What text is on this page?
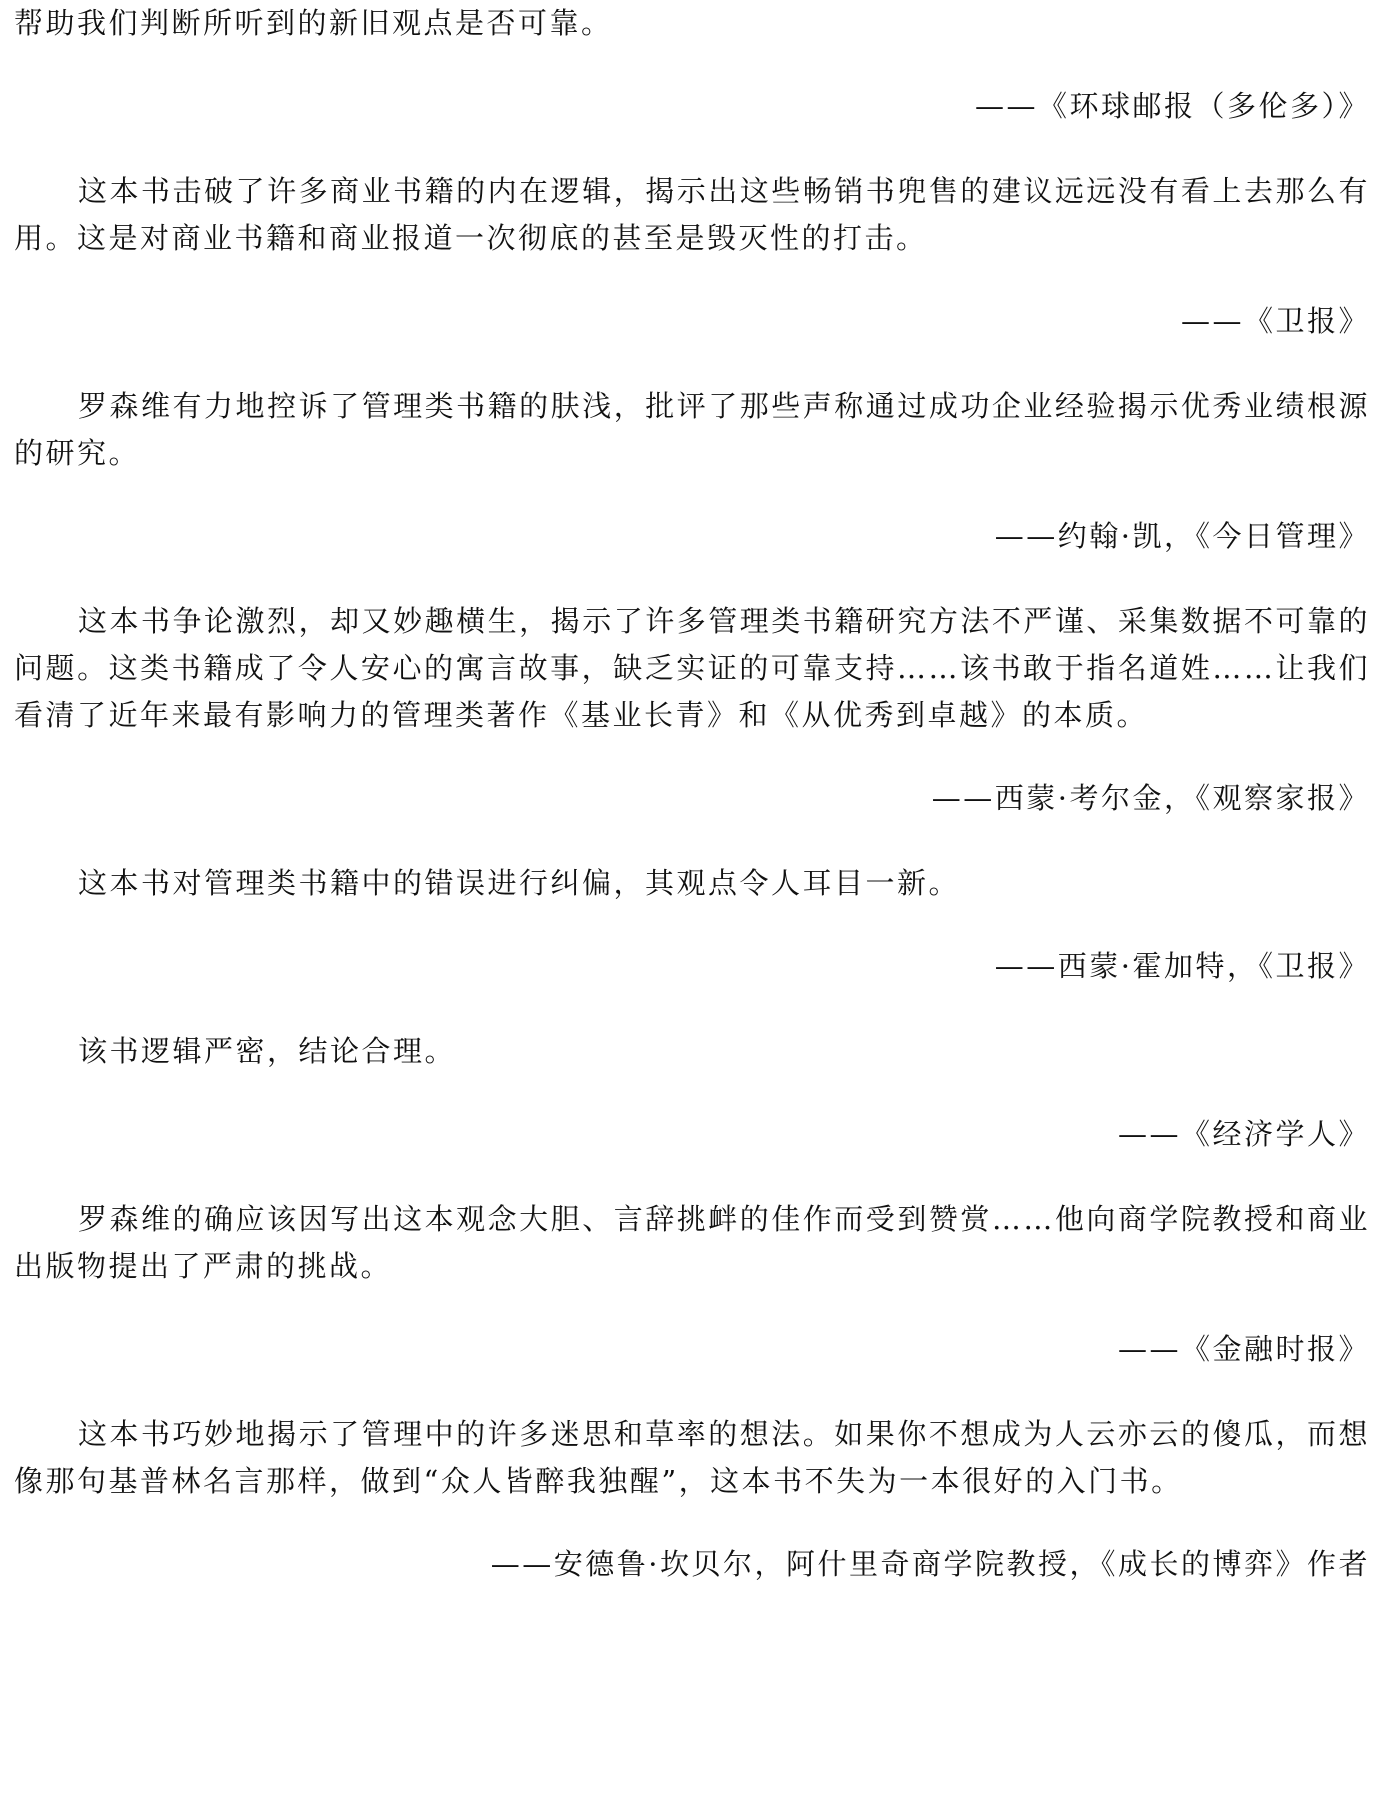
帮助我们判断所听到的新旧观点是否可靠。

——《环球邮报（多伦多）》

这本书击破了许多商业书籍的内在逻辑，揭示出这些畅销书兜售的建议远远没有看上去那么有用。这是对商业书籍和商业报道一次彻底的甚至是毁灭性的打击。

——《卫报》

罗森维有力地控诉了管理类书籍的肤浅，批评了那些声称通过成功企业经验揭示优秀业绩根源的研究。

——约翰·凯，《今日管理》

这本书争论激烈，却又妙趣横生，揭示了许多管理类书籍研究方法不严谨、采集数据不可靠的问题。这类书籍成了令人安心的寓言故事，缺乏实证的可靠支持……该书敢于指名道姓……让我们看清了近年来最有影响力的管理类著作《基业长青》和《从优秀到卓越》的本质。

——西蒙·考尔金，《观察家报》

这本书对管理类书籍中的错误进行纠偏，其观点令人耳目一新。

——西蒙·霍加特，《卫报》

该书逻辑严密，结论合理。

——《经济学人》

罗森维的确应该因写出这本观念大胆、言辞挑衅的佳作而受到赞赏……他向商学院教授和商业出版物提出了严肃的挑战。

——《金融时报》

这本书巧妙地揭示了管理中的许多迷思和草率的想法。如果你不想成为人云亦云的傻瓜，而想像那句基普林名言那样，做到“众人皆醉我独醒”，这本书不失为一本很好的入门书。

——安德鲁·坎贝尔，阿什里奇商学院教授，《成长的博弈》作者
